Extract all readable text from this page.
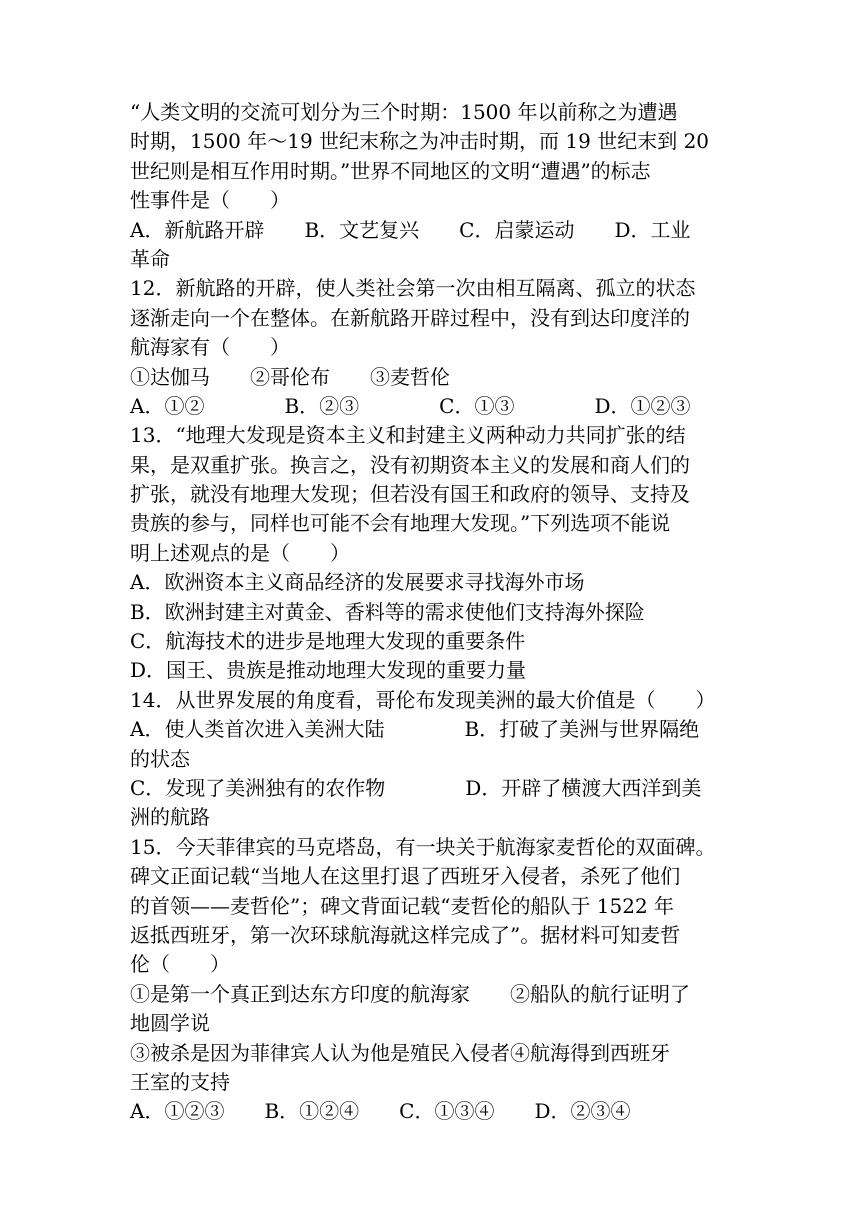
“人类文明的交流可划分为三个时期：1500 年以前称之为遭遇
时期，1500 年～19 世纪末称之为冲击时期，而 19 世纪末到 20
世纪则是相互作用时期。”世界不同地区的文明“遭遇”的标志
性事件是（　　）
A．新航路开辟　　B．文艺复兴　　C．启蒙运动　　D．工业
革命
12．新航路的开辟，使人类社会第一次由相互隔离、孤立的状态
逐渐走向一个在整体。在新航路开辟过程中，没有到达印度洋的
航海家有（　　）
①达伽马　　②哥伦布　　③麦哲伦
A．①②　　　　B．②③　　　　C．①③　　　　D．①②③
13．“地理大发现是资本主义和封建主义两种动力共同扩张的结
果，是双重扩张。换言之，没有初期资本主义的发展和商人们的
扩张，就没有地理大发现；但若没有国王和政府的领导、支持及
贵族的参与，同样也可能不会有地理大发现。”下列选项不能说
明上述观点的是（　　）
A．欧洲资本主义商品经济的发展要求寻找海外市场
B．欧洲封建主对黄金、香料等的需求使他们支持海外探险
C．航海技术的进步是地理大发现的重要条件
D．国王、贵族是推动地理大发现的重要力量
14．从世界发展的角度看，哥伦布发现美洲的最大价值是（　　）
A．使人类首次进入美洲大陆　　　　B．打破了美洲与世界隔绝
的状态
C．发现了美洲独有的农作物　　　　D．开辟了横渡大西洋到美
洲的航路
15．今天菲律宾的马克塔岛，有一块关于航海家麦哲伦的双面碑。
碑文正面记载“当地人在这里打退了西班牙入侵者，杀死了他们
的首领——麦哲伦”；碑文背面记载“麦哲伦的船队于 1522 年
返抵西班牙，第一次环球航海就这样完成了”。据材料可知麦哲
伦（　　）
①是第一个真正到达东方印度的航海家　　②船队的航行证明了
地圆学说
③被杀是因为菲律宾人认为他是殖民入侵者④航海得到西班牙
王室的支持
A．①②③　　B．①②④　　C．①③④　　D．②③④
